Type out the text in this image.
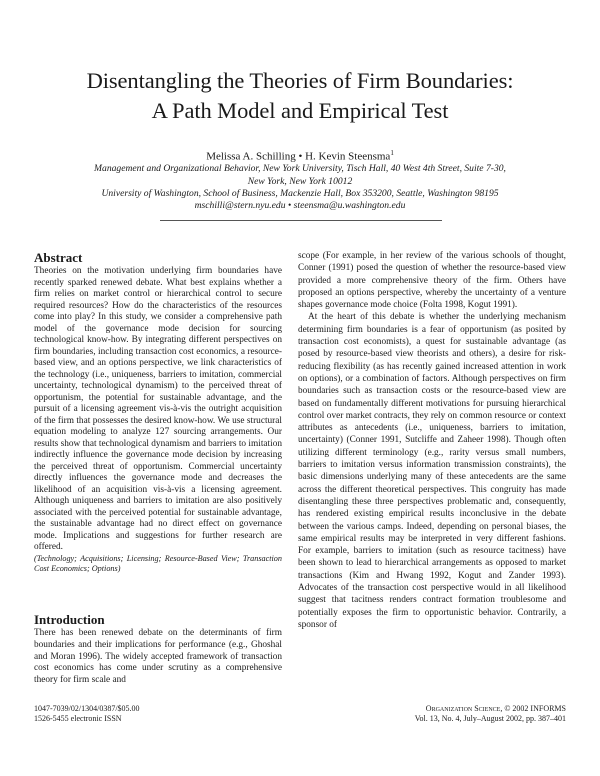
Disentangling the Theories of Firm Boundaries:
A Path Model and Empirical Test
Melissa A. Schilling • H. Kevin Steensma$^1$
Management and Organizational Behavior, New York University, Tisch Hall, 40 West 4th Street, Suite 7-30,
New York, New York 10012
University of Washington, School of Business, Mackenzie Hall, Box 353200, Seattle, Washington 98195
mschilli@stern.nyu.edu • steensma@u.washington.edu
Abstract

Theories on the motivation underlying firm boundaries have recently sparked renewed debate. What best explains whether a firm relies on market control or hierarchical control to secure required resources? How do the characteristics of the resources come into play? In this study, we consider a comprehensive path model of the governance mode decision for sourcing technological know-how. By integrating different perspectives on firm boundaries, including transaction cost economics, a resource-based view, and an options perspective, we link characteristics of the technology (i.e., uniqueness, barriers to imitation, commercial uncertainty, technological dynamism) to the perceived threat of opportunism, the potential for sustainable advantage, and the pursuit of a licensing agreement vis-à-vis the outright acquisition of the firm that possesses the desired know-how. We use structural equation modeling to analyze 127 sourcing arrangements. Our results show that technological dynamism and barriers to imitation indirectly influence the governance mode decision by increasing the perceived threat of opportunism. Commercial uncertainty directly influences the governance mode and decreases the likelihood of an acquisition vis-à-vis a licensing agreement. Although uniqueness and barriers to imitation are also positively associated with the perceived potential for sustainable advantage, the sustainable advantage had no direct effect on governance mode. Implications and suggestions for further research are offered.

(Technology; Acquisitions; Licensing; Resource-Based View; Transaction Cost Economics; Options)

Introduction

There has been renewed debate on the determinants of firm boundaries and their implications for performance (e.g., Ghoshal and Moran 1996). The widely accepted framework of transaction cost economics has come under scrutiny as a comprehensive theory for firm scale and

scope (For example, in her review of the various schools of thought, Conner (1991) posed the question of whether the resource-based view provided a more comprehensive theory of the firm. Others have proposed an options perspective, whereby the uncertainty of a venture shapes governance mode choice (Folta 1998, Kogut 1991).

At the heart of this debate is whether the underlying mechanism determining firm boundaries is a fear of opportunism (as posited by transaction cost economists), a quest for sustainable advantage (as posed by resource-based view theorists and others), a desire for risk-reducing flexibility (as has recently gained increased attention in work on options), or a combination of factors. Although perspectives on firm boundaries such as transaction costs or the resource-based view are based on fundamentally different motivations for pursuing hierarchical control over market contracts, they rely on common resource or context attributes as antecedents (i.e., uniqueness, barriers to imitation, uncertainty) (Conner 1991, Sutcliffe and Zaheer 1998). Though often utilizing different terminology (e.g., rarity versus small numbers, barriers to imitation versus information transmission constraints), the basic dimensions underlying many of these antecedents are the same across the different theoretical perspectives. This congruity has made disentangling these three perspectives problematic and, consequently, has rendered existing empirical results inconclusive in the debate between the various camps. Indeed, depending on personal biases, the same empirical results may be interpreted in very different fashions. For example, barriers to imitation (such as resource tacitness) have been shown to lead to hierarchical arrangements as opposed to market transactions (Kim and Hwang 1992, Kogut and Zander 1993). Advocates of the transaction cost perspective would in all likelihood suggest that tacitness renders contract formation troublesome and potentially exposes the firm to opportunistic behavior. Contrarily, a sponsor of

1047-7039/02/1304/0387/$05.00
1526-5455 electronic ISSN
Organization Science, © 2002 INFORMS
Vol. 13, No. 4, July–August 2002, pp. 387–401
